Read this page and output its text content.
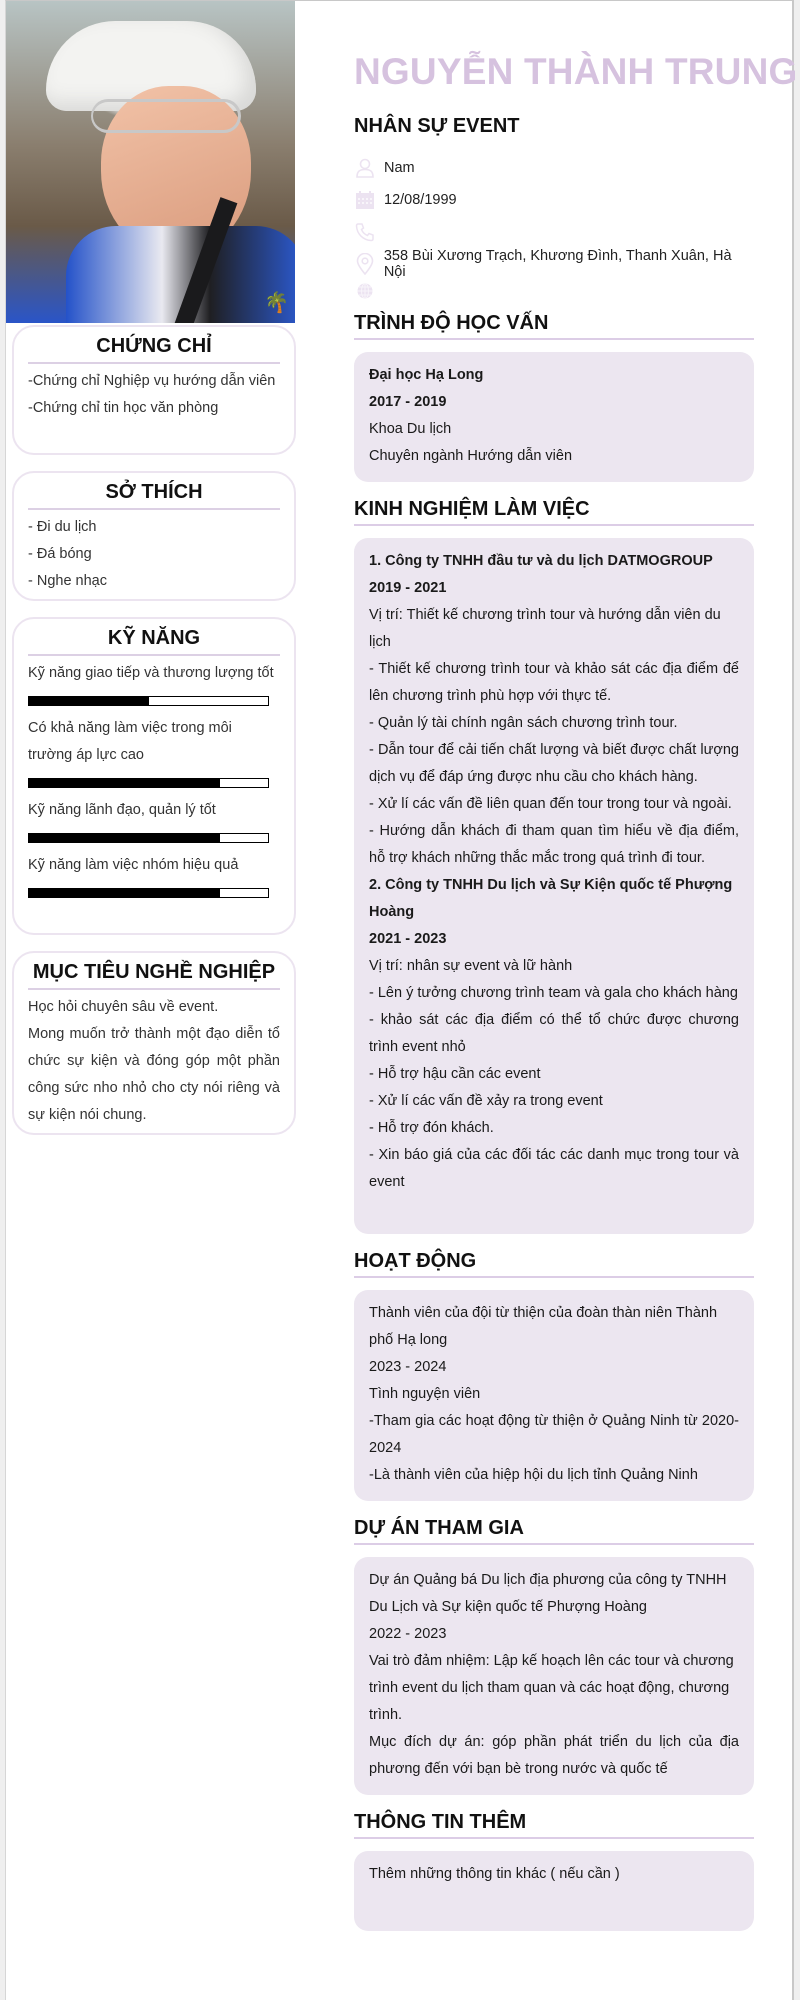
🌴
CHỨNG CHỈ
-Chứng chỉ Nghiệp vụ hướng dẫn viên
-Chứng chỉ tin học văn phòng
SỞ THÍCH
- Đi du lịch
- Đá bóng
- Nghe nhạc
KỸ NĂNG
Kỹ năng giao tiếp và thương lượng tốt
Có khả năng làm việc trong môi trường áp lực cao
Kỹ năng lãnh đạo, quản lý tốt
Kỹ năng làm việc nhóm hiệu quả
MỤC TIÊU NGHỀ NGHIỆP
Học hỏi chuyên sâu về event.
Mong muốn trở thành một đạo diễn tổ chức sự kiện và đóng góp một phần công sức nho nhỏ cho cty nói riêng và sự kiện nói chung.
NGUYỄN THÀNH TRUNG
NHÂN SỰ EVENT
Nam
12/08/1999
358 Bùi Xương Trạch, Khương Đình, Thanh Xuân, Hà Nội
TRÌNH ĐỘ HỌC VẤN
Đại học Hạ Long
2017 - 2019
Khoa Du lịch
Chuyên ngành Hướng dẫn viên
KINH NGHIỆM LÀM VIỆC
1. Công ty TNHH đầu tư và du lịch DATMOGROUP
2019 - 2021
Vị trí: Thiết kế chương trình tour và hướng dẫn viên du lịch
- Thiết kế chương trình tour và khảo sát các địa điểm để lên chương trình phù hợp với thực tế.
- Quản lý tài chính ngân sách chương trình tour.
- Dẫn tour để cải tiến chất lượng và biết được chất lượng dịch vụ để đáp ứng được nhu cầu cho khách hàng.
- Xử lí các vấn đề liên quan đến tour trong tour và ngoài.
- Hướng dẫn khách đi tham quan tìm hiểu về địa điểm, hỗ trợ khách những thắc mắc trong quá trình đi tour.
2. Công ty TNHH Du lịch và Sự Kiện quốc tế Phượng Hoàng
2021 - 2023
Vị trí: nhân sự event và lữ hành
- Lên ý tưởng chương trình team và gala cho khách hàng
- khảo sát các địa điểm có thể tổ chức được chương trình event nhỏ
- Hỗ trợ hậu cần các event
- Xử lí các vấn đề xảy ra trong event
- Hỗ trợ đón khách.
- Xin báo giá của các đối tác các danh mục trong tour và event
HOẠT ĐỘNG
Thành viên của đội từ thiện của đoàn thàn niên Thành phố Hạ long
2023 - 2024
Tình nguyện viên
-Tham gia các hoạt động từ thiện ở Quảng Ninh từ 2020-2024
-Là thành viên của hiệp hội du lịch tỉnh Quảng Ninh
DỰ ÁN THAM GIA
Dự án Quảng bá Du lịch địa phương của công ty TNHH Du Lịch và Sự kiện quốc tế Phượng Hoàng
2022 - 2023
Vai trò đảm nhiệm: Lập kế hoạch lên các tour và chương trình event du lịch tham quan và các hoạt động, chương trình.
Mục đích dự án: góp phần phát triển du lịch của địa phương đến với bạn bè trong nước và quốc tế
THÔNG TIN THÊM
Thêm những thông tin khác ( nếu cần )
